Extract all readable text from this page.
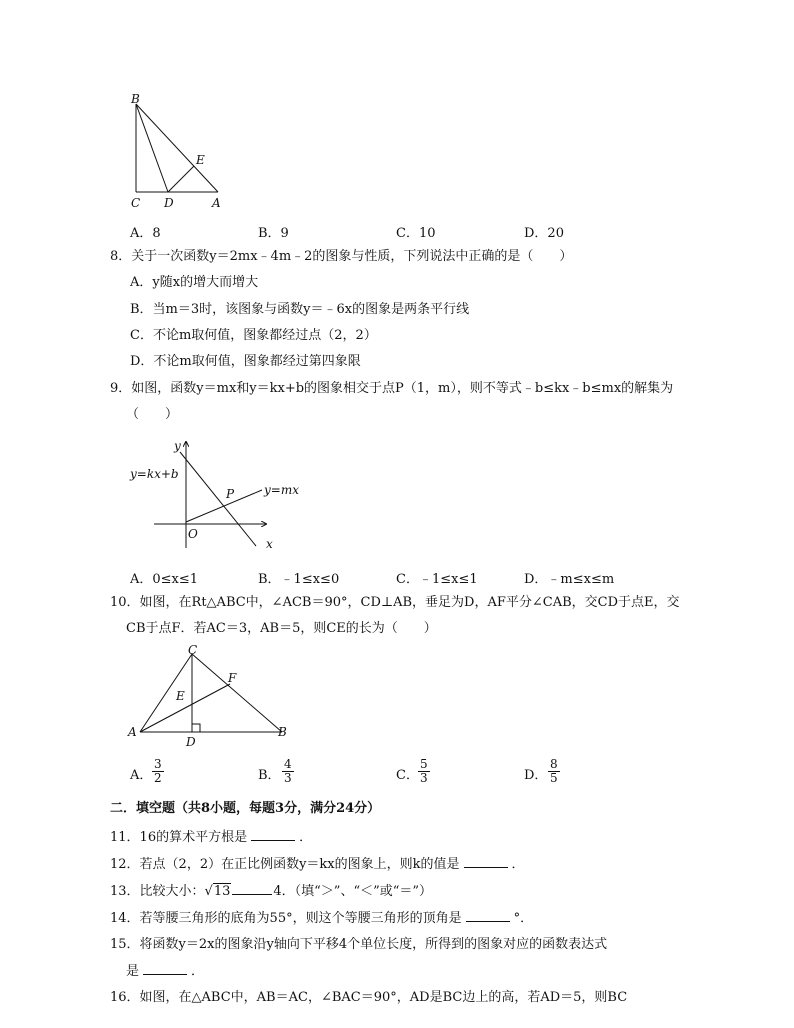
B
E
C D	A
A．8	B．9	C．10	D．20
8．关于一次函数y＝2mx﹣4m﹣2的图象与性质，下列说法中正确的是（　　）
A．y随x的增大而增大
B．当m＝3时，该图象与函数y＝﹣6x的图象是两条平行线
C．不论m取何值，图象都经过点（2，2）
D．不论m取何值，图象都经过第四象限
9．如图，函数y＝mx和y＝kx+b的图象相交于点P（1，m），则不等式﹣b≤kx﹣b≤mx的解集为
（　　）
y
y=kx+b
P y=mx
O
x
A．0≤x≤1	B．﹣1≤x≤0	C．﹣1≤x≤1	D．﹣m≤x≤m
10．如图，在Rt△ABC中，∠ACB＝90°，CD⊥AB，垂足为D，AF平分∠CAB，交CD于点E，交
CB于点F．若AC＝3，AB＝5，则CE的长为（　　）
C
F
E
A
D
B
A． $\frac{3}{2}$	B． $\frac{4}{3}$	C． $\frac{5}{3}$	D． $\frac{8}{5}$
二．填空题（共8小题，每题3分，满分24分）
11．16的算术平方根是	．
12．若点（2，2）在正比例函数y＝kx的图象上，则k的值是	．
13．比较大小：√13	4．（填“＞”、“＜”或“＝”）
14．若等腰三角形的底角为55°，则这个等腰三角形的顶角是	°．
15．将函数y＝2x的图象沿y轴向下平移4个单位长度，所得到的图象对应的函数表达式
是	．
16．如图，在△ABC中，AB＝AC，∠BAC＝90°，AD是BC边上的高，若AD＝5，则BC
